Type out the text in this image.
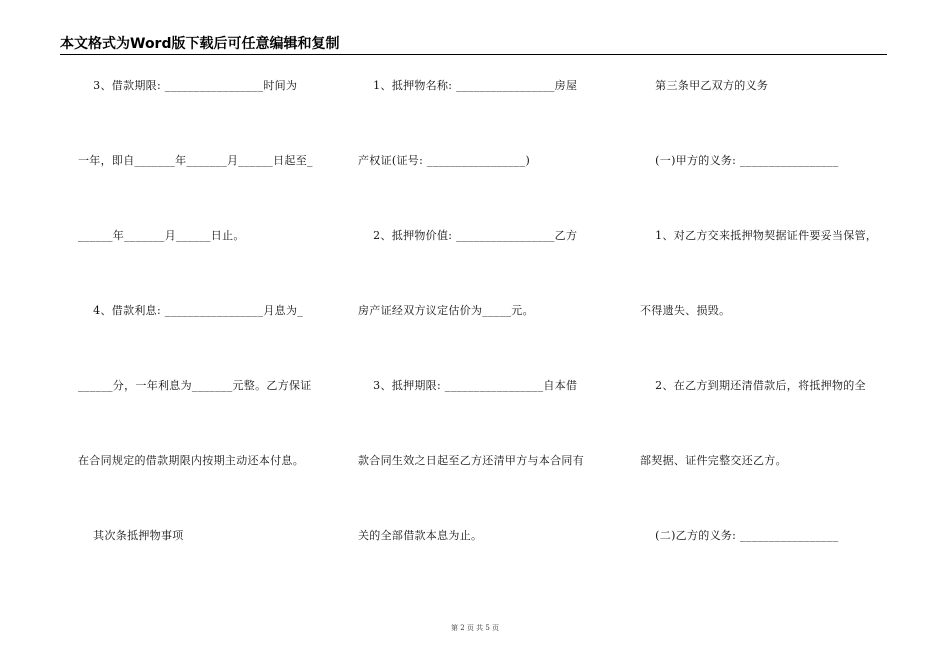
本文格式为Word版下载后可任意编辑和复制
3、借款期限: _________________时间为
一年，即自_______年_______月______日起至_
______年_______月______日止。
4、借款利息: _________________月息为_
______分，一年利息为_______元整。乙方保证
在合同规定的借款期限内按期主动还本付息。
其次条抵押物事项
1、抵押物名称: _________________房屋
产权证(证号: _________________)
2、抵押物价值: _________________乙方
房产证经双方议定估价为_____元。
3、抵押期限: _________________自本借
款合同生效之日起至乙方还清甲方与本合同有
关的全部借款本息为止。
第三条甲乙双方的义务
(一)甲方的义务: _________________
1、对乙方交来抵押物契据证件要妥当保管，
不得遗失、损毁。
2、在乙方到期还清借款后，将抵押物的全
部契据、证件完整交还乙方。
(二)乙方的义务: _________________
第 2 页 共 5 页
